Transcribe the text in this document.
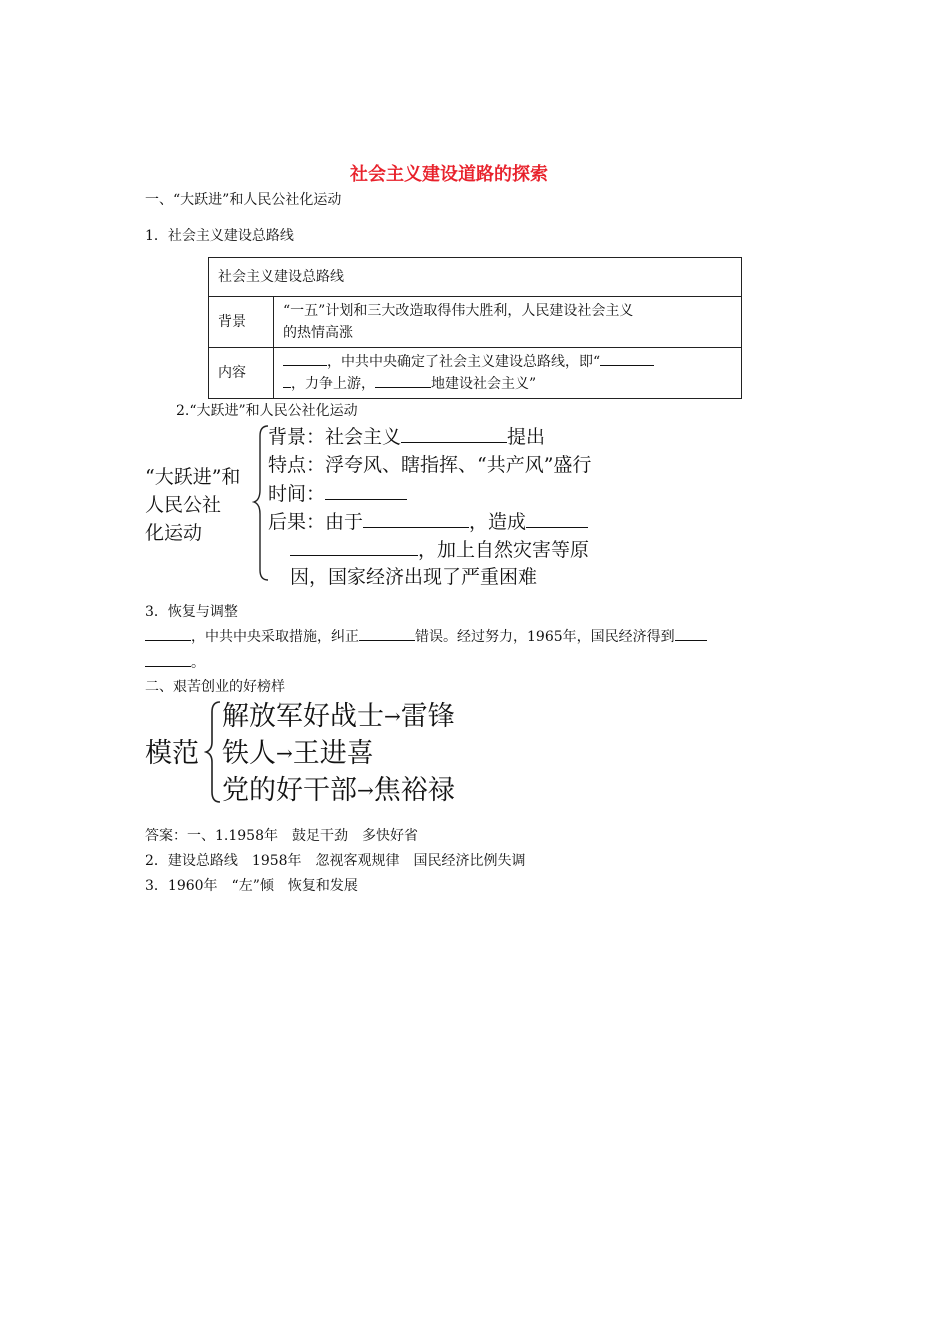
社会主义建设道路的探索
一、“大跃进”和人民公社化运动
1．社会主义建设总路线
社会主义建设总路线	
背景	“一五”计划和三大改造取得伟大胜利，人民建设社会主义
的热情高涨

内容	，中共中央确定了社会主义建设总路线，即“
，力争上游， 地建设社会主义”
2.“大跃进”和人民公社化运动
“大跃进”和
人民公社
化运动
背景：社会主义	提出
特点：浮夸风、瞎指挥、“共产风”盛行
时间：
后果：由于	，造成
，加上自然灾害等原
因，国家经济出现了严重困难
3．恢复与调整
，中共中央采取措施，纠正	错误。经过努力，1965年，国民经济得到
。
二、艰苦创业的好榜样
模范
解放军好战士→雷锋
铁人→王进喜
党的好干部→焦裕禄
答案：一、1.1958年　鼓足干劲　多快好省
2．建设总路线　1958年　忽视客观规律　国民经济比例失调
3．1960年　“左”倾　恢复和发展
